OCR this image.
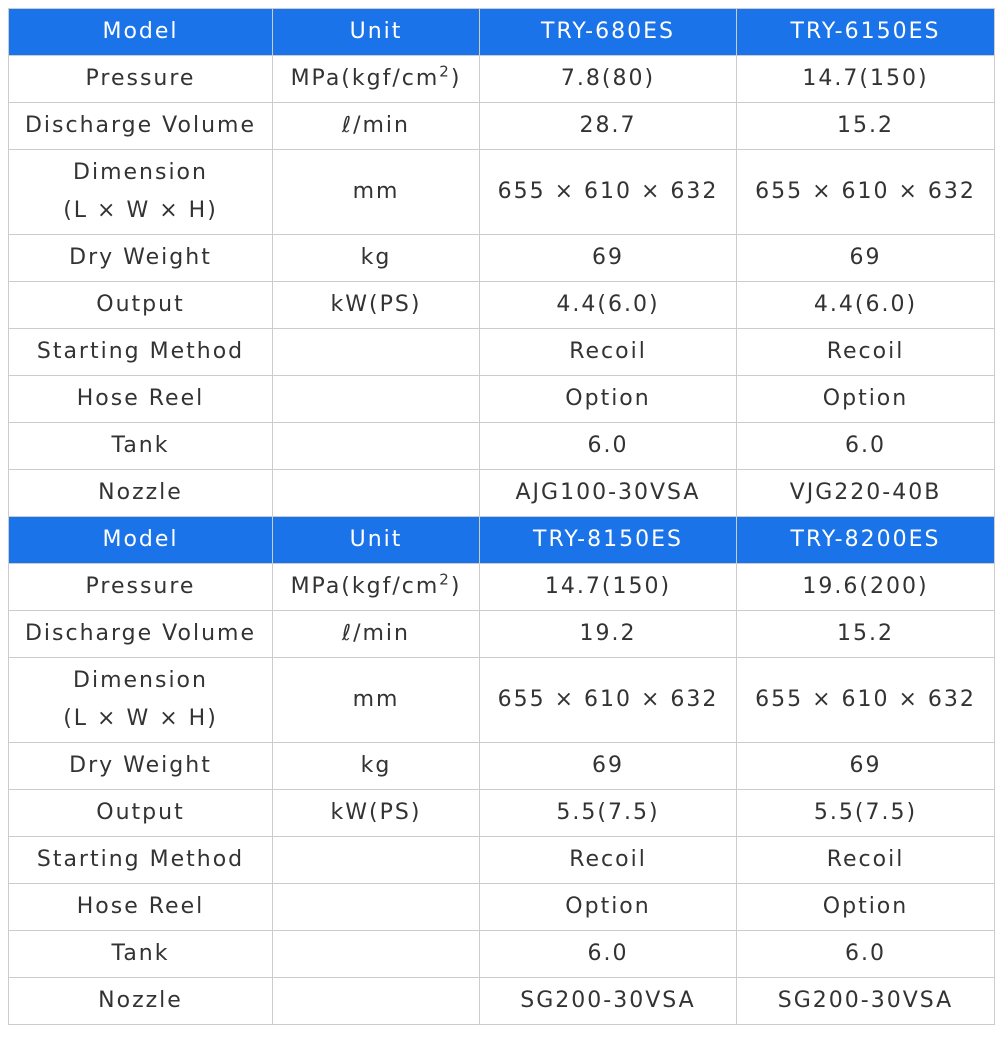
Model	Unit	TRY-680ES	TRY-6150ES
Pressure	$MPa(kgf/cm^2)$	7.8(80)	14.7(150)
Discharge Volume	ℓ/min	28.7	15.2

Dimension
(L × W × H)	mm	655 × 610 × 632	655 × 610 × 632
Dry Weight	kg	69	69
Output	kW(PS)	4.4(6.0)	4.4(6.0)
Starting Method		Recoil	Recoil
Hose Reel		Option	Option
Tank		6.0	6.0
Nozzle		AJG100-30VSA	VJG220-40B
Model	Unit	TRY-8150ES	TRY-8200ES
Pressure	$MPa(kgf/cm^2)$	14.7(150)	19.6(200)
Discharge Volume	ℓ/min	19.2	15.2

Dimension
(L × W × H)	mm	655 × 610 × 632	655 × 610 × 632
Dry Weight	kg	69	69
Output	kW(PS)	5.5(7.5)	5.5(7.5)
Starting Method		Recoil	Recoil
Hose Reel		Option	Option
Tank		6.0	6.0
Nozzle		SG200-30VSA	SG200-30VSA
